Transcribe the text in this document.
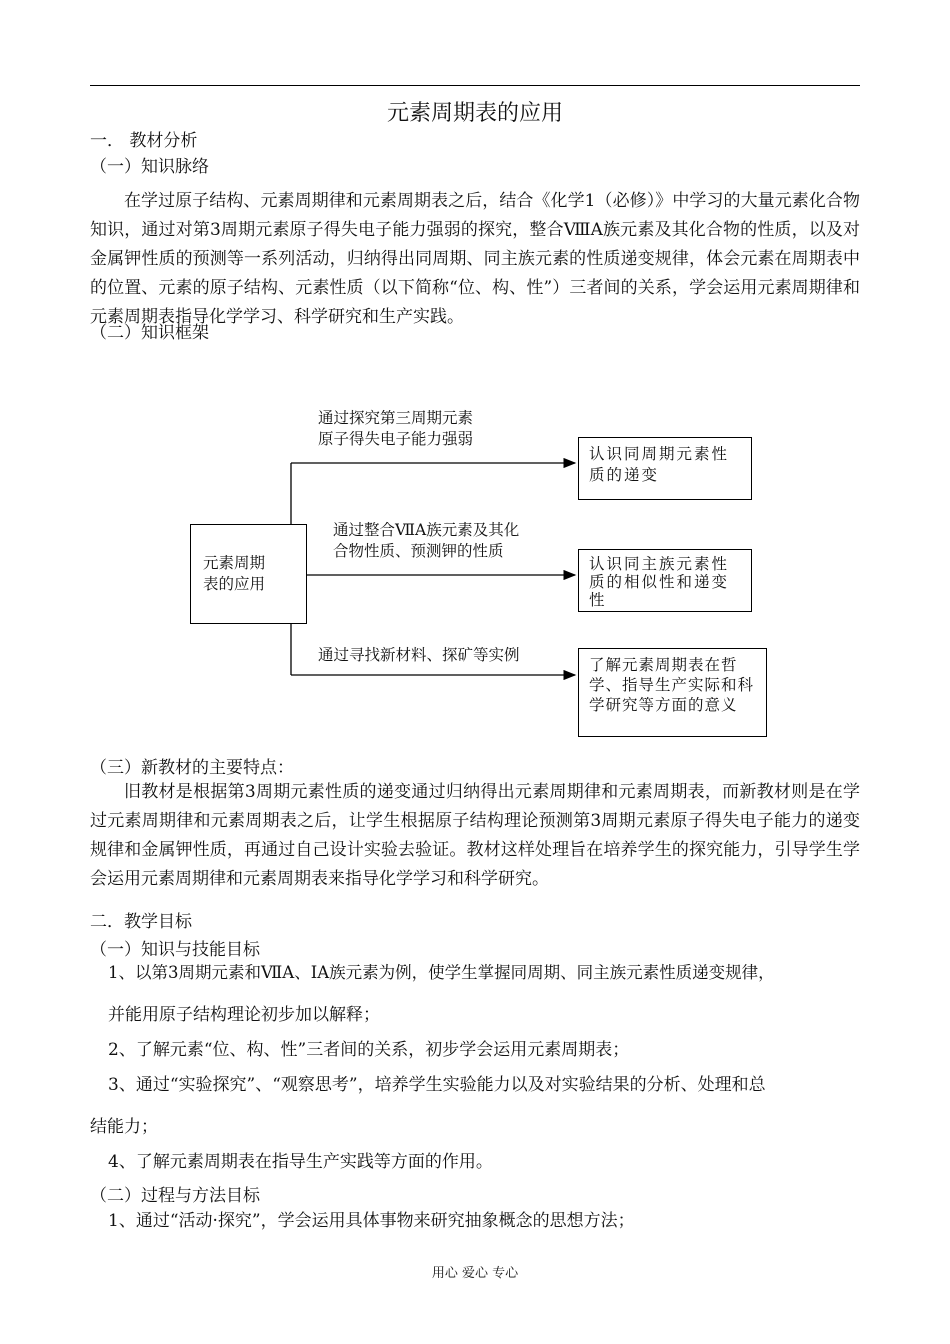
元素周期表的应用
一． 教材分析
（一）知识脉络
在学过原子结构、元素周期律和元素周期表之后，结合《化学1（必修）》中学习的大量元素化合物知识，通过对第3周期元素原子得失电子能力强弱的探究，整合ⅧA族元素及其化合物的性质，以及对金属钾性质的预测等一系列活动，归纳得出同周期、同主族元素的性质递变规律，体会元素在周期表中的位置、元素的原子结构、元素性质（以下简称“位、构、性”）三者间的关系，学会运用元素周期律和元素周期表指导化学学习、科学研究和生产实践。
（二）知识框架
元素周期
表的应用
通过探究第三周期元素
原子得失电子能力强弱
通过整合ⅦA族元素及其化
合物性质、预测钾的性质
通过寻找新材料、探矿等实例
认识同周期元素性质的递变
认识同主族元素性质的相似性和递变性
了解元素周期表在哲学、指导生产实际和科学研究等方面的意义
（三）新教材的主要特点：
旧教材是根据第3周期元素性质的递变通过归纳得出元素周期律和元素周期表，而新教材则是在学过元素周期律和元素周期表之后，让学生根据原子结构理论预测第3周期元素原子得失电子能力的递变规律和金属钾性质，再通过自己设计实验去验证。教材这样处理旨在培养学生的探究能力，引导学生学会运用元素周期律和元素周期表来指导化学学习和科学研究。
二．教学目标
（一）知识与技能目标
1、以第3周期元素和ⅦA、ⅠA族元素为例，使学生掌握同周期、同主族元素性质递变规律，
并能用原子结构理论初步加以解释；
2、了解元素“位、构、性”三者间的关系，初步学会运用元素周期表；
3、通过“实验探究”、“观察思考”，培养学生实验能力以及对实验结果的分析、处理和总
结能力；
4、了解元素周期表在指导生产实践等方面的作用。
（二）过程与方法目标
1、通过“活动·探究”，学会运用具体事物来研究抽象概念的思想方法；
用心 爱心 专心
